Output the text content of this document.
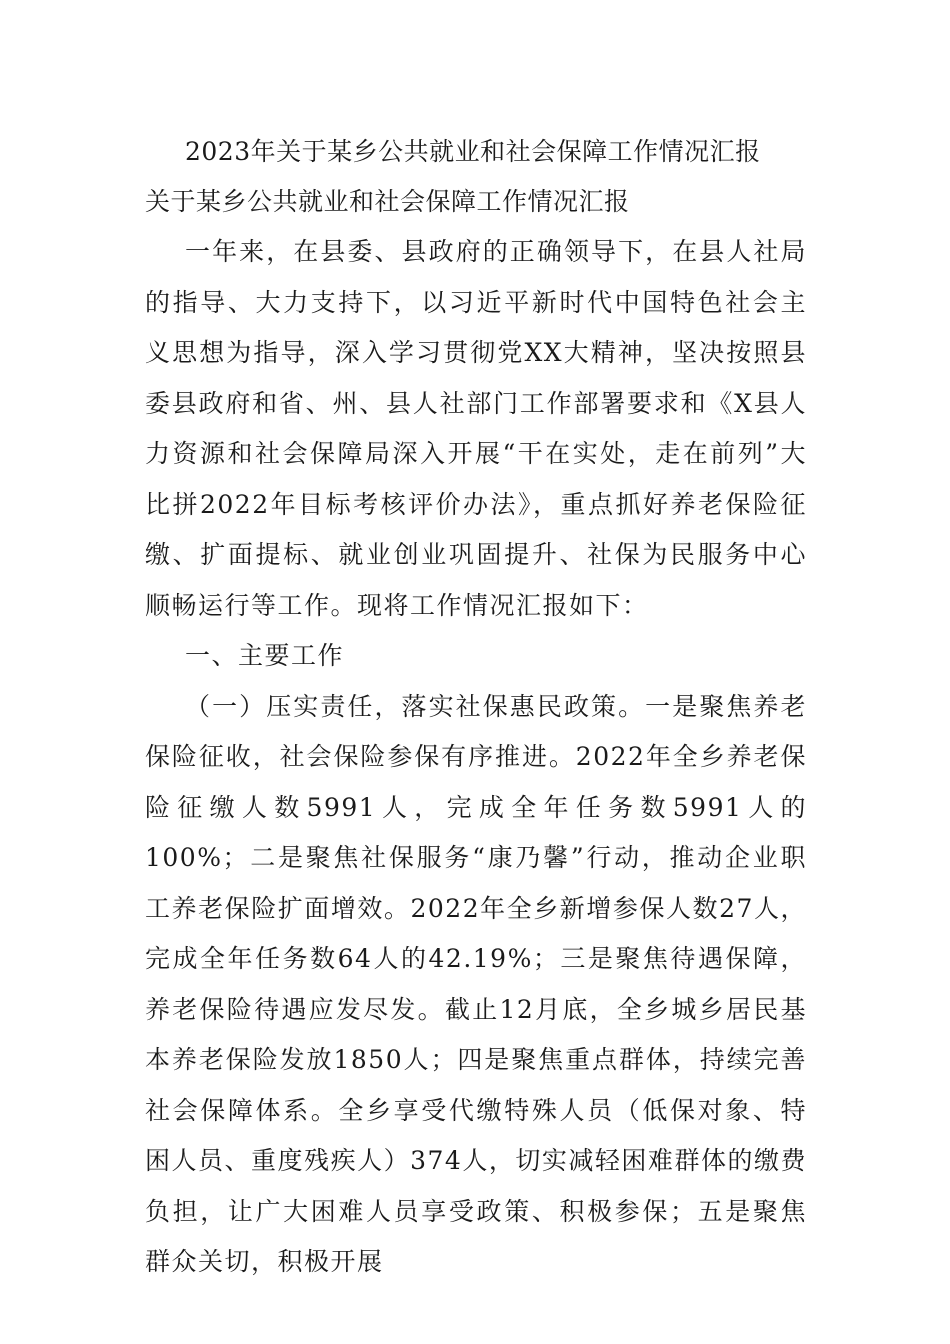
2023年关于某乡公共就业和社会保障工作情况汇报
关于某乡公共就业和社会保障工作情况汇报

一年来，在县委、县政府的正确领导下，在县人社局的指导、大力支持下，以习近平新时代中国特色社会主义思想为指导，深入学习贯彻党XX大精神，坚决按照县委县政府和省、州、县人社部门工作部署要求和《X县人力资源和社会保障局深入开展“干在实处，走在前列”大比拼2022年目标考核评价办法》，重点抓好养老保险征缴、扩面提标、就业创业巩固提升、社保为民服务中心顺畅运行等工作。现将工作情况汇报如下：

一、主要工作

（一）压实责任，落实社保惠民政策。一是聚焦养老保险征收，社会保险参保有序推进。2022年全乡养老保险征缴人数5991人，完成全年任务数5991人的100%；二是聚焦社保服务“康乃馨”行动，推动企业职工养老保险扩面增效。2022年全乡新增参保人数27人，完成全年任务数64人的42.19%；三是聚焦待遇保障，养老保险待遇应发尽发。截止12月底，全乡城乡居民基本养老保险发放1850人；四是聚焦重点群体，持续完善社会保障体系。全乡享受代缴特殊人员（低保对象、特困人员、重度残疾人）374人，切实减轻困难群体的缴费负担，让广大困难人员享受政策、积极参保；五是聚焦群众关切，积极开展
